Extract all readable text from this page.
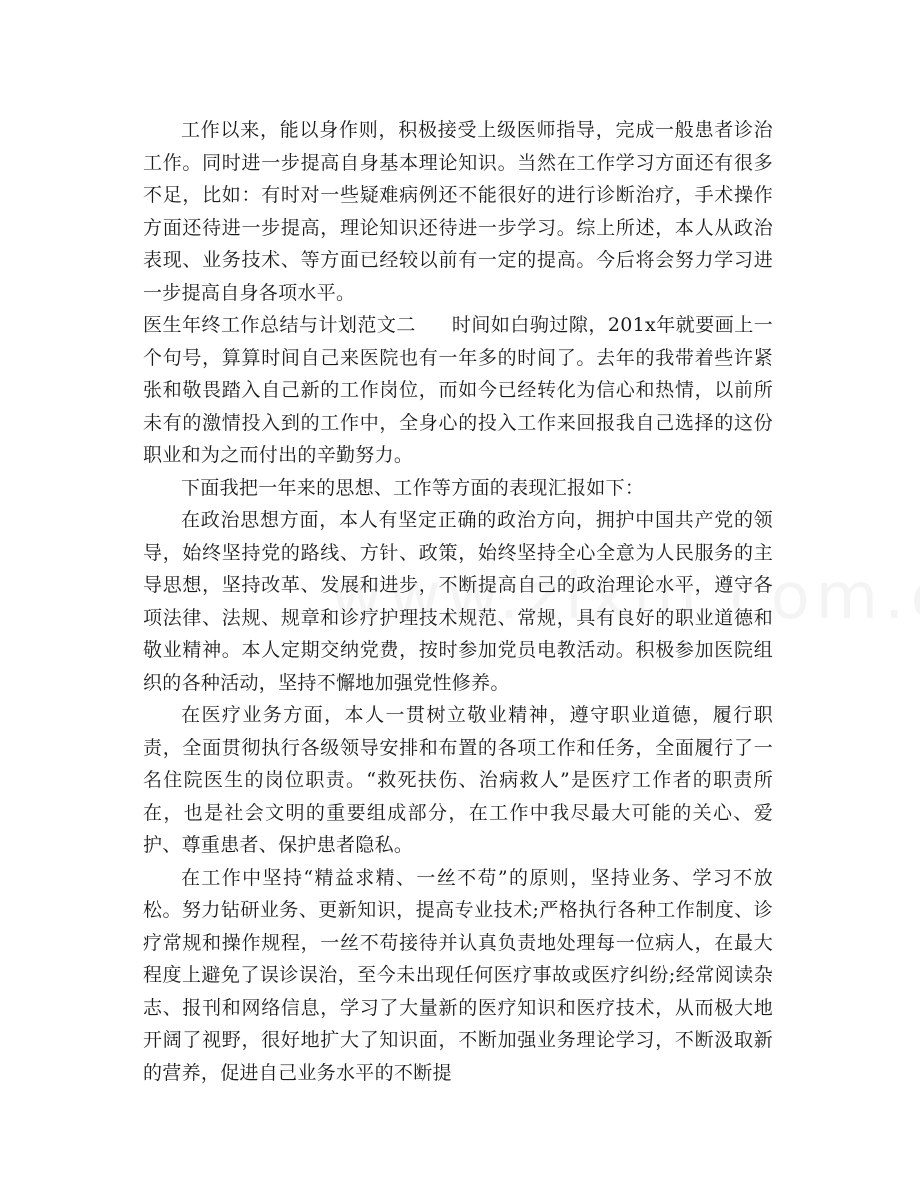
工作以来，能以身作则，积极接受上级医师指导，完成一般患者诊治工作。同时进一步提高自身基本理论知识。当然在工作学习方面还有很多不足，比如：有时对一些疑难病例还不能很好的进行诊断治疗，手术操作方面还待进一步提高，理论知识还待进一步学习。综上所述，本人从政治表现、业务技术、等方面已经较以前有一定的提高。今后将会努力学习进一步提高自身各项水平。

医生年终工作总结与计划范文二 时间如白驹过隙，201x年就要画上一个句号，算算时间自己来医院也有一年多的时间了。去年的我带着些许紧张和敬畏踏入自己新的工作岗位，而如今已经转化为信心和热情，以前所未有的激情投入到的工作中，全身心的投入工作来回报我自己选择的这份职业和为之而付出的辛勤努力。

下面我把一年来的思想、工作等方面的表现汇报如下：

在政治思想方面，本人有坚定正确的政治方向，拥护中国共产党的领导，始终坚持党的路线、方针、政策，始终坚持全心全意为人民服务的主导思想，坚持改革、发展和进步，不断提高自己的政治理论水平，遵守各项法律、法规、规章和诊疗护理技术规范、常规，具有良好的职业道德和敬业精神。本人定期交纳党费，按时参加党员电教活动。积极参加医院组织的各种活动，坚持不懈地加强党性修养。

在医疗业务方面，本人一贯树立敬业精神，遵守职业道德，履行职责，全面贯彻执行各级领导安排和布置的各项工作和任务，全面履行了一名住院医生的岗位职责。“救死扶伤、治病救人”是医疗工作者的职责所在，也是社会文明的重要组成部分，在工作中我尽最大可能的关心、爱护、尊重患者、保护患者隐私。

在工作中坚持“精益求精、一丝不苟”的原则，坚持业务、学习不放松。努力钻研业务、更新知识，提高专业技术;严格执行各种工作制度、诊疗常规和操作规程，一丝不苟接待并认真负责地处理每一位病人，在最大程度上避免了误诊误治，至今未出现任何医疗事故或医疗纠纷;经常阅读杂志、报刊和网络信息，学习了大量新的医疗知识和医疗技术，从而极大地开阔了视野，很好地扩大了知识面，不断加强业务理论学习，不断汲取新的营养，促进自己业务水平的不断提
